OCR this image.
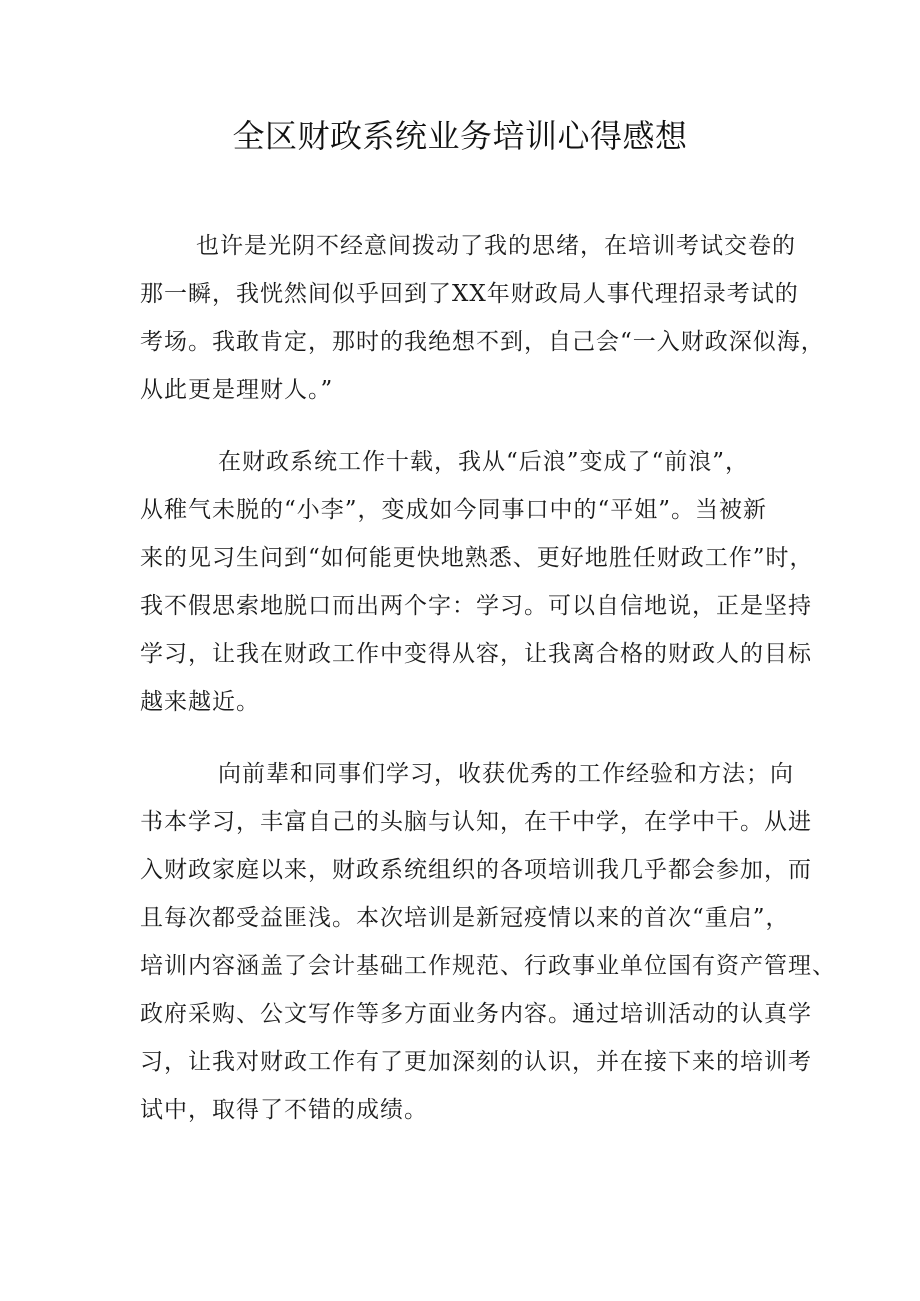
全区财政系统业务培训心得感想

也许是光阴不经意间拨动了我的思绪，在培训考试交卷的
那一瞬，我恍然间似乎回到了XX年财政局人事代理招录考试的
考场。我敢肯定，那时的我绝想不到，自己会“一入财政深似海，
从此更是理财人。”

在财政系统工作十载，我从“后浪”变成了“前浪”，
从稚气未脱的“小李”，变成如今同事口中的“平姐”。当被新
来的见习生问到“如何能更快地熟悉、更好地胜任财政工作”时，
我不假思索地脱口而出两个字：学习。可以自信地说，正是坚持
学习，让我在财政工作中变得从容，让我离合格的财政人的目标
越来越近。

向前辈和同事们学习，收获优秀的工作经验和方法；向
书本学习，丰富自己的头脑与认知，在干中学，在学中干。从进
入财政家庭以来，财政系统组织的各项培训我几乎都会参加，而
且每次都受益匪浅。本次培训是新冠疫情以来的首次“重启”，
培训内容涵盖了会计基础工作规范、行政事业单位国有资产管理、
政府采购、公文写作等多方面业务内容。通过培训活动的认真学
习，让我对财政工作有了更加深刻的认识，并在接下来的培训考
试中，取得了不错的成绩。
